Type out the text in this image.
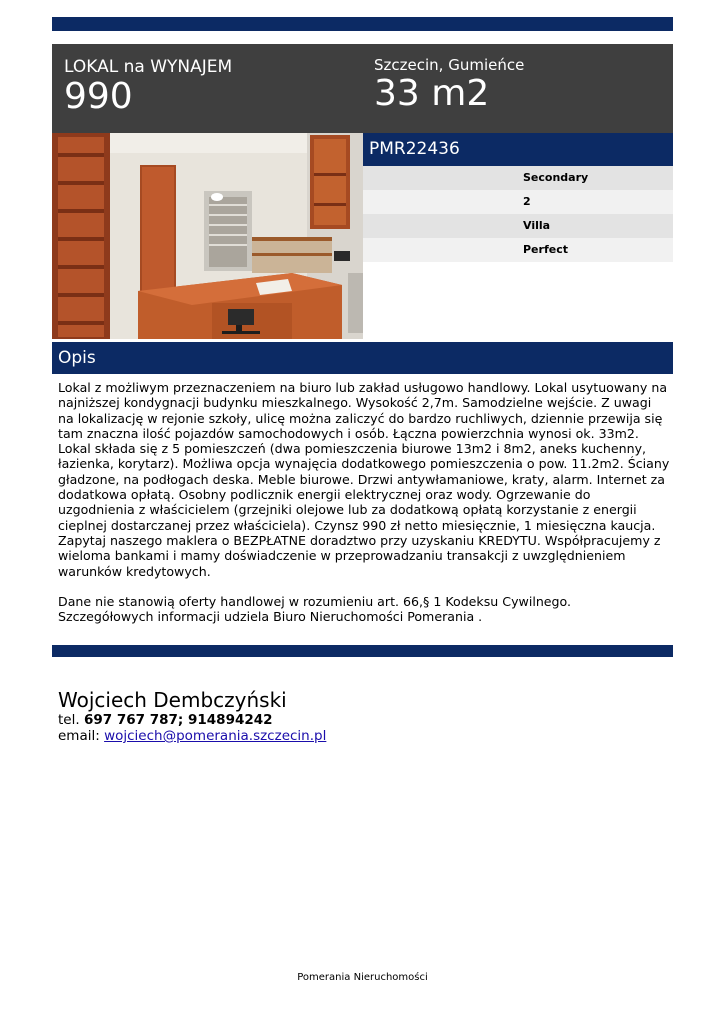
LOKAL na WYNAJEM
990
Szczecin, Gumieńce
33 m2
PMR22436
Secondary
2
Villa
Perfect
Opis

Lokal z możliwym przeznaczeniem na biuro lub zakład usługowo handlowy. Lokal usytuowany na najniższej kondygnacji budynku mieszkalnego. Wysokość 2,7m. Samodzielne wejście. Z uwagi na lokalizację w rejonie szkoły, ulicę można zaliczyć do bardzo ruchliwych, dziennie przewija się tam znaczna ilość pojazdów samochodowych i osób. Łączna powierzchnia wynosi ok. 33m2. Lokal składa się z 5 pomieszczeń (dwa pomieszczenia biurowe 13m2 i 8m2, aneks kuchenny, łazienka, korytarz). Możliwa opcja wynajęcia dodatkowego pomieszczenia o pow. 11.2m2. Ściany gładzone, na podłogach deska. Meble biurowe. Drzwi antywłamaniowe, kraty, alarm. Internet za dodatkowa opłatą. Osobny podlicznik energii elektrycznej oraz wody. Ogrzewanie do uzgodnienia z właścicielem (grzejniki olejowe lub za dodatkową opłatą korzystanie z energii cieplnej dostarczanej przez właściciela). Czynsz 990 zł netto miesięcznie, 1 miesięczna kaucja.

Zapytaj naszego maklera o BEZPŁATNE doradztwo przy uzyskaniu KREDYTU. Współpracujemy z wieloma bankami i mamy doświadczenie w przeprowadzaniu transakcji z uwzględnieniem warunków kredytowych.

Dane nie stanowią oferty handlowej w rozumieniu art. 66,§ 1 Kodeksu Cywilnego. Szczegółowych informacji udziela Biuro Nieruchomości Pomerania .

Wojciech Dembczyński
tel. 697 767 787; 914894242
email: wojciech@pomerania.szczecin.pl
Pomerania Nieruchomości
